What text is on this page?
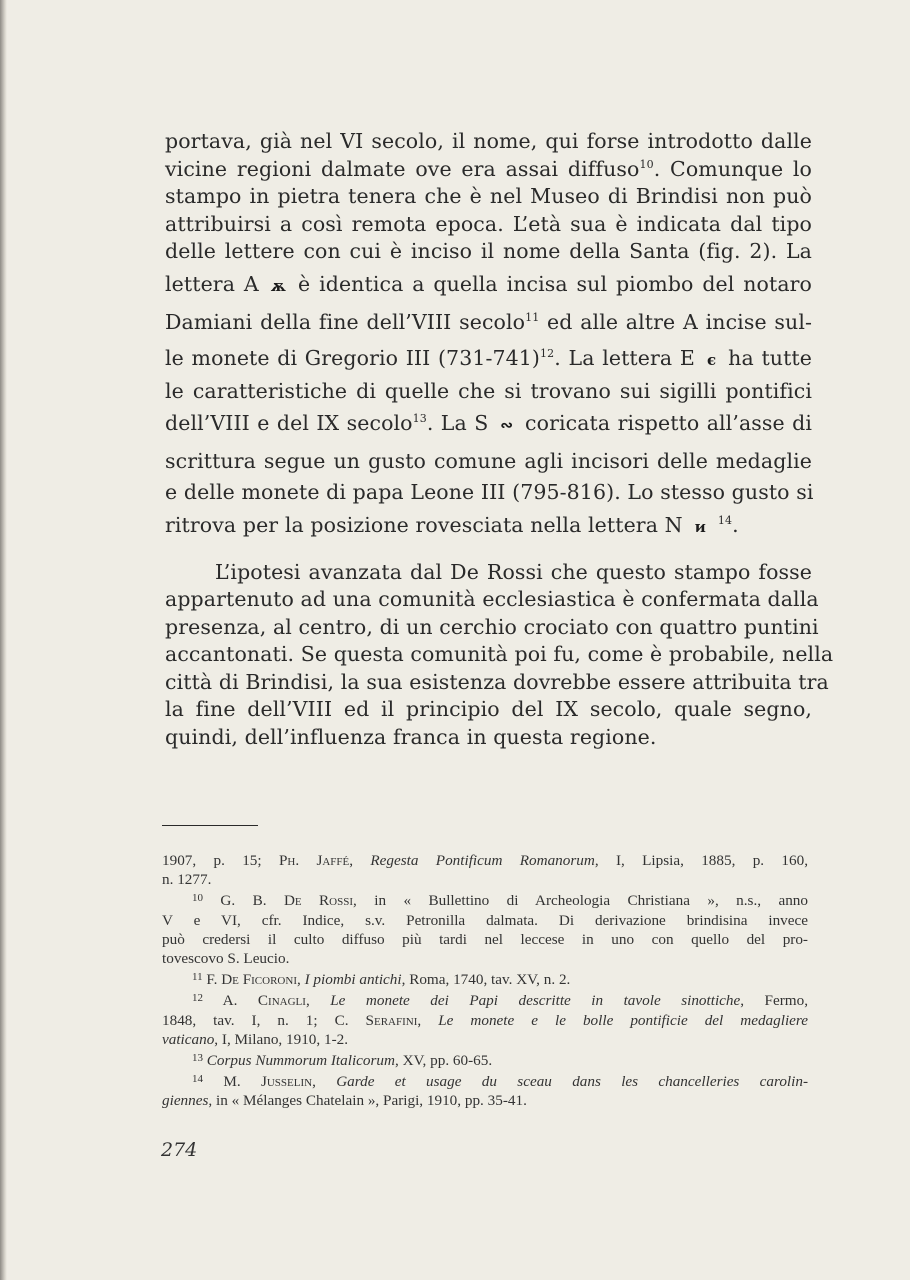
portava, già nel VI secolo, il nome, qui forse introdotto dalle
vicine regioni dalmate ove era assai diffuso$^{10}$. Comunque lo
stampo in pietra tenera che è nel Museo di Brindisi non può
attribuirsi a così remota epoca. L’età sua è indicata dal tipo
delle lettere con cui è inciso il nome della Santa (fig. 2). La
lettera A ѫ è identica a quella incisa sul piombo del notaro
Damiani della fine dell’VIII secolo$^{11}$ ed alle altre A incise sul-
le monete di Gregorio III $(731-741)^{12}$. La lettera E є ha tutte
le caratteristiche di quelle che si trovano sui sigilli pontifici
dell’VIII e del IX secolo$^{13}$. La S ∾ coricata rispetto all’asse di
scrittura segue un gusto comune agli incisori delle medaglie
e delle monete di papa Leone III (795-816). Lo stesso gusto si
ritrova per la posizione rovesciata nella lettera N ᴎ $^{14}$.
L’ipotesi avanzata dal De Rossi che questo stampo fosse
appartenuto ad una comunità ecclesiastica è confermata dalla
presenza, al centro, di un cerchio crociato con quattro puntini
accantonati. Se questa comunità poi fu, come è probabile, nella
città di Brindisi, la sua esistenza dovrebbe essere attribuita tra
la fine dell’VIII ed il principio del IX secolo, quale segno,
quindi, dell’influenza franca in questa regione.

1907, p. 15; Ph. Jaffé, Regesta Pontificum Romanorum, I, Lipsia, 1885, p. 160,
n. 1277.

$^{10}$ G. B. De Rossi, in « Bullettino di Archeologia Christiana », n.s., anno
V e VI, cfr. Indice, s.v. Petronilla dalmata. Di derivazione brindisina invece
può credersi il culto diffuso più tardi nel leccese in uno con quello del pro-
tovescovo S. Leucio.

$^{11}$ F. De Ficoroni, I piombi antichi, Roma, 1740, tav. XV, n. 2.

$^{12}$ A. Cinagli, Le monete dei Papi descritte in tavole sinottiche, Fermo,
1848, tav. I, n. 1; C. Serafini, Le monete e le bolle pontificie del medagliere
vaticano, I, Milano, 1910, 1-2.

$^{13}$ Corpus Nummorum Italicorum, XV, pp. 60-65.

$^{14}$ M. Jusselin, Garde et usage du sceau dans les chancelleries carolin-
giennes, in « Mélanges Chatelain », Parigi, 1910, pp. 35-41.

274
